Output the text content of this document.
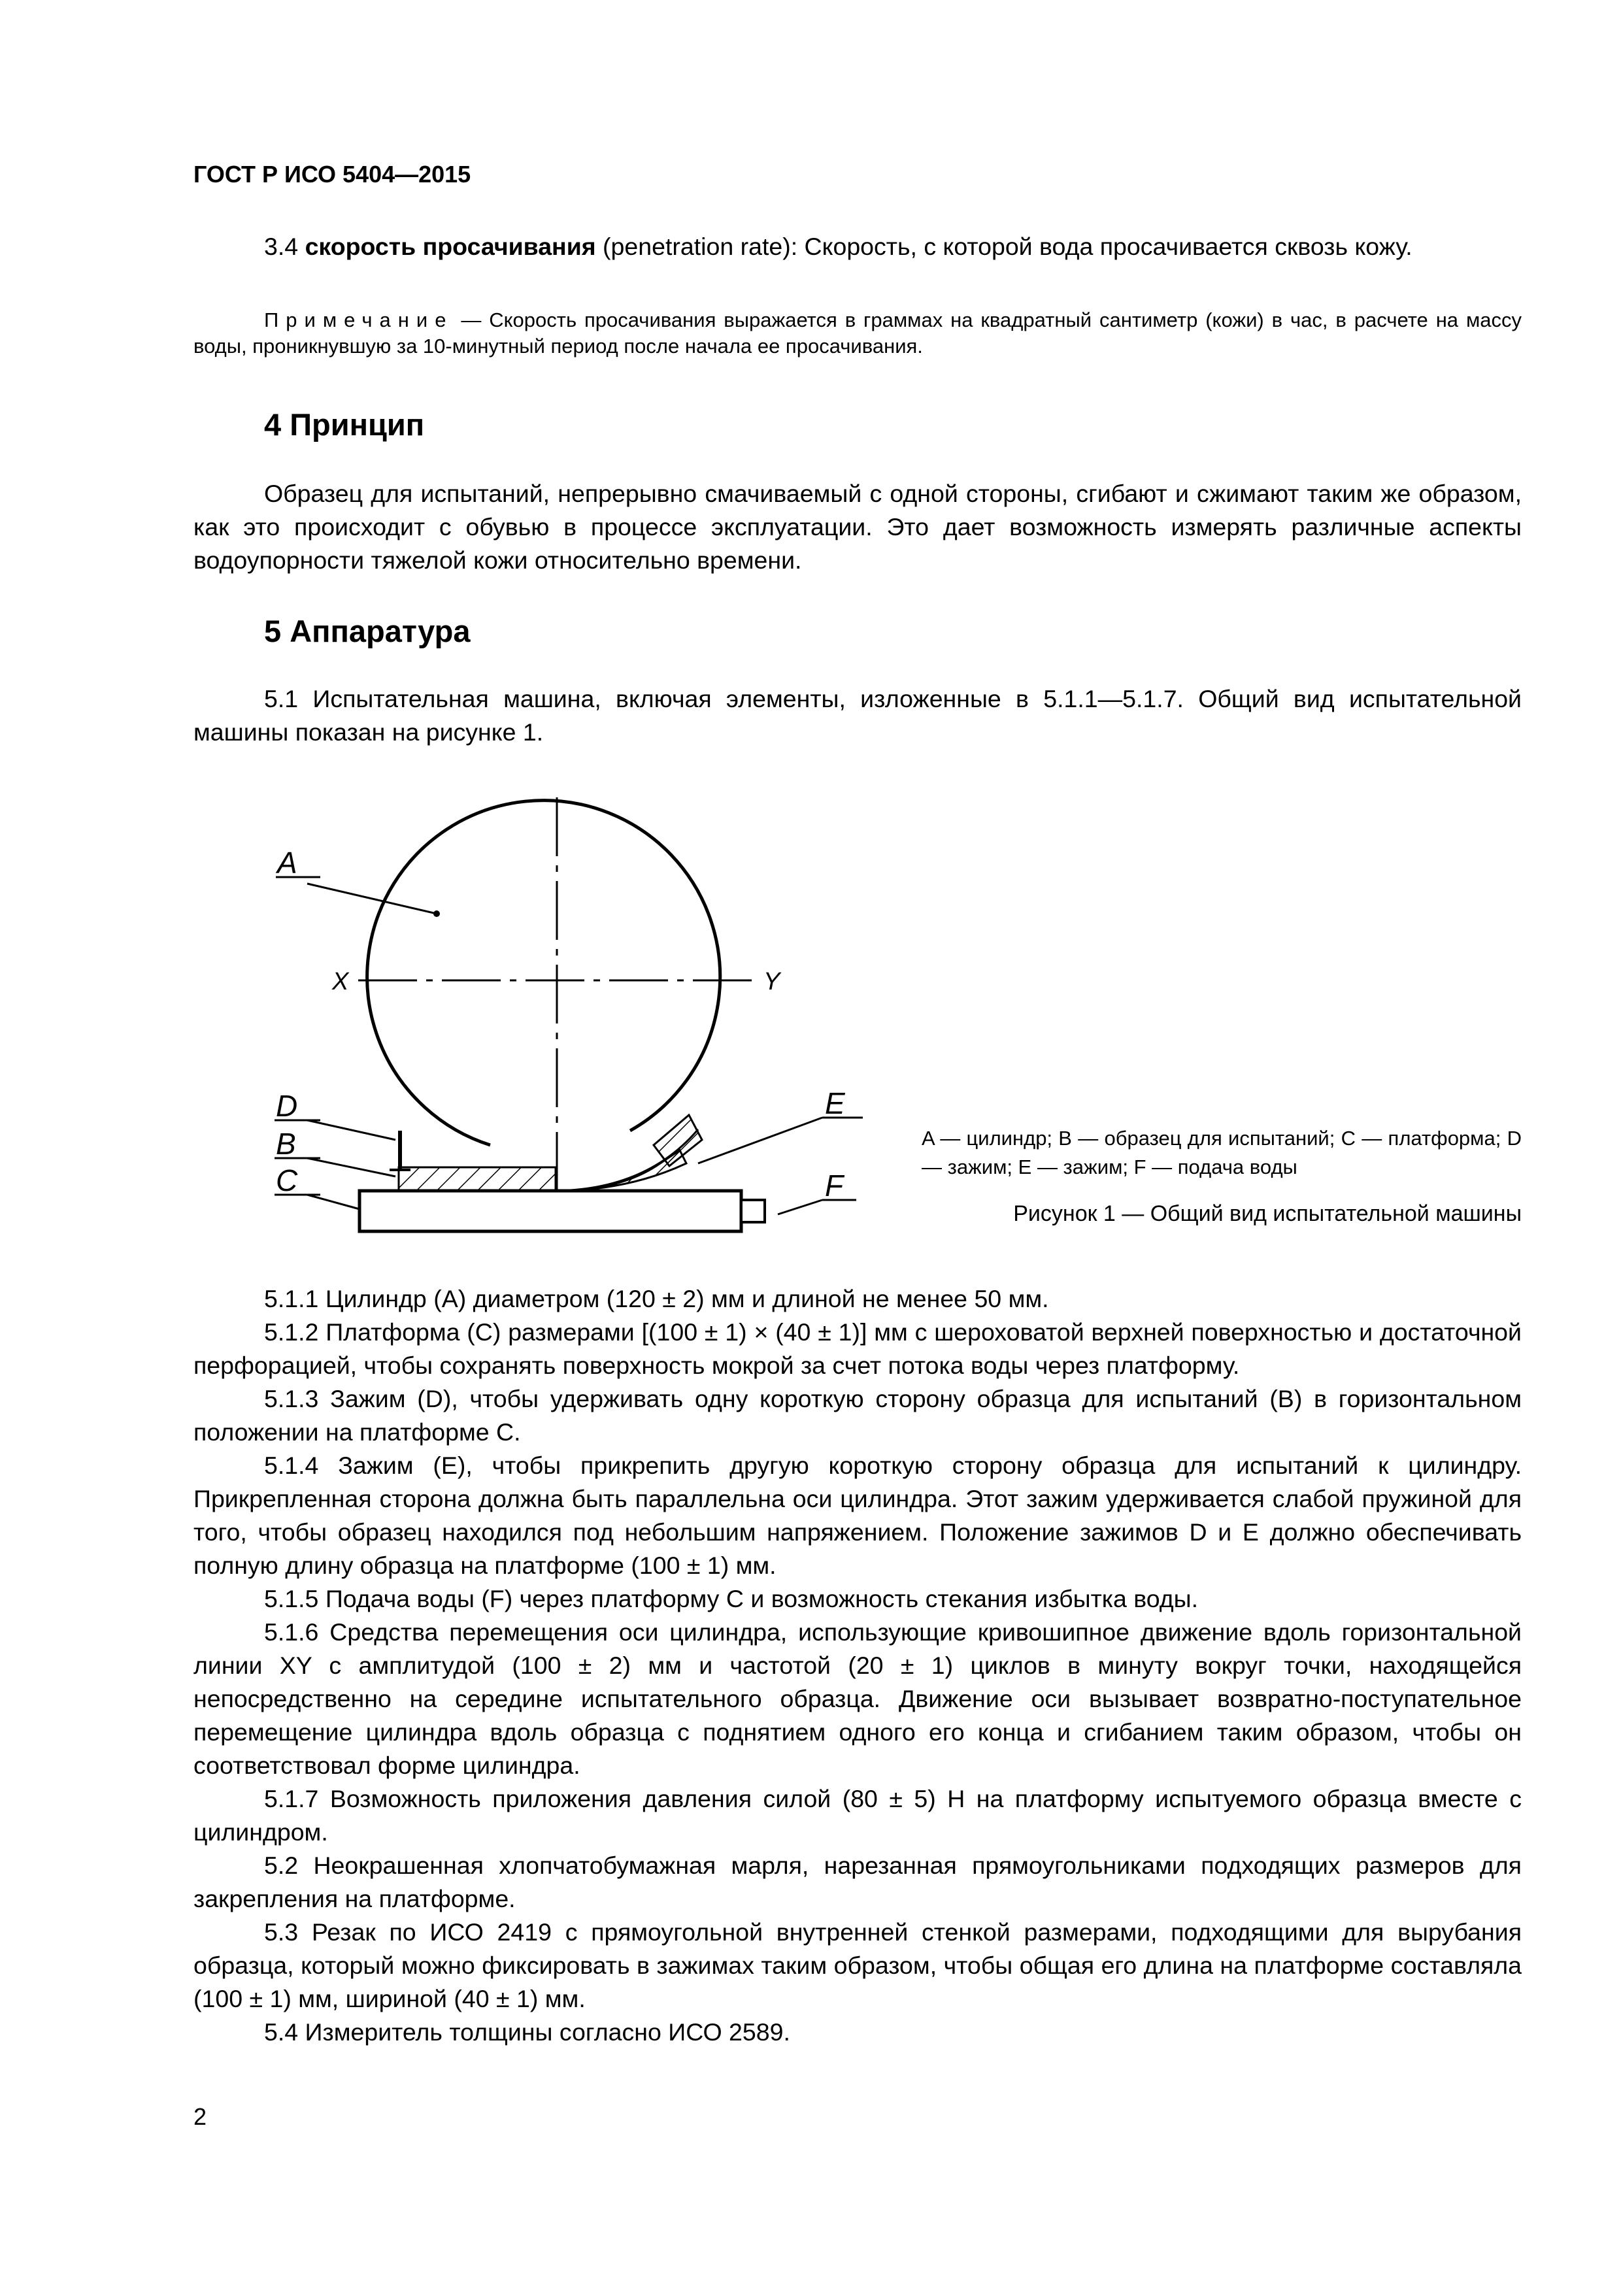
ГОСТ Р ИСО 5404—2015

3.4 скорость просачивания (penetration rate): Скорость, с которой вода просачивается сквозь кожу.

Примечание — Скорость просачивания выражается в граммах на квадратный сантиметр (кожи) в час, в расчете на массу воды, проникнувшую за 10-минутный период после начала ее просачивания.

4 Принцип

Образец для испытаний, непрерывно смачиваемый с одной стороны, сгибают и сжимают таким же образом, как это происходит с обувью в процессе эксплуатации. Это дает возможность измерять различные аспекты водоупорности тяжелой кожи относительно времени.

5 Аппаратура

5.1 Испытательная машина, включая элементы, изложенные в 5.1.1—5.1.7. Общий вид испытательной машины показан на рисунке 1.

A
X	Y
D
B
C
E
F

A — цилиндр; B — образец для испытаний; C — платформа; D — зажим; E — зажим; F — подача воды

Рисунок 1 — Общий вид испытательной машины

5.1.1 Цилиндр (A) диаметром (120 ± 2) мм и длиной не менее 50 мм.

5.1.2 Платформа (C) размерами [(100 ± 1) × (40 ± 1)] мм с шероховатой верхней поверхностью и достаточной перфорацией, чтобы сохранять поверхность мокрой за счет потока воды через платформу.

5.1.3 Зажим (D), чтобы удерживать одну короткую сторону образца для испытаний (B) в горизонтальном положении на платформе C.

5.1.4 Зажим (E), чтобы прикрепить другую короткую сторону образца для испытаний к цилиндру. Прикрепленная сторона должна быть параллельна оси цилиндра. Этот зажим удерживается слабой пружиной для того, чтобы образец находился под небольшим напряжением. Положение зажимов D и E должно обеспечивать полную длину образца на платформе (100 ± 1) мм.

5.1.5 Подача воды (F) через платформу C и возможность стекания избытка воды.

5.1.6 Средства перемещения оси цилиндра, использующие кривошипное движение вдоль горизонтальной линии XY с амплитудой (100 ± 2) мм и частотой (20 ± 1) циклов в минуту вокруг точки, находящейся непосредственно на середине испытательного образца. Движение оси вызывает возвратно-поступательное перемещение цилиндра вдоль образца с поднятием одного его конца и сгибанием таким образом, чтобы он соответствовал форме цилиндра.

5.1.7 Возможность приложения давления силой (80 ± 5) Н на платформу испытуемого образца вместе с цилиндром.

5.2 Неокрашенная хлопчатобумажная марля, нарезанная прямоугольниками подходящих размеров для закрепления на платформе.

5.3 Резак по ИСО 2419 с прямоугольной внутренней стенкой размерами, подходящими для вырубания образца, который можно фиксировать в зажимах таким образом, чтобы общая его длина на платформе составляла (100 ± 1) мм, шириной (40 ± 1) мм.

5.4 Измеритель толщины согласно ИСО 2589.

2
